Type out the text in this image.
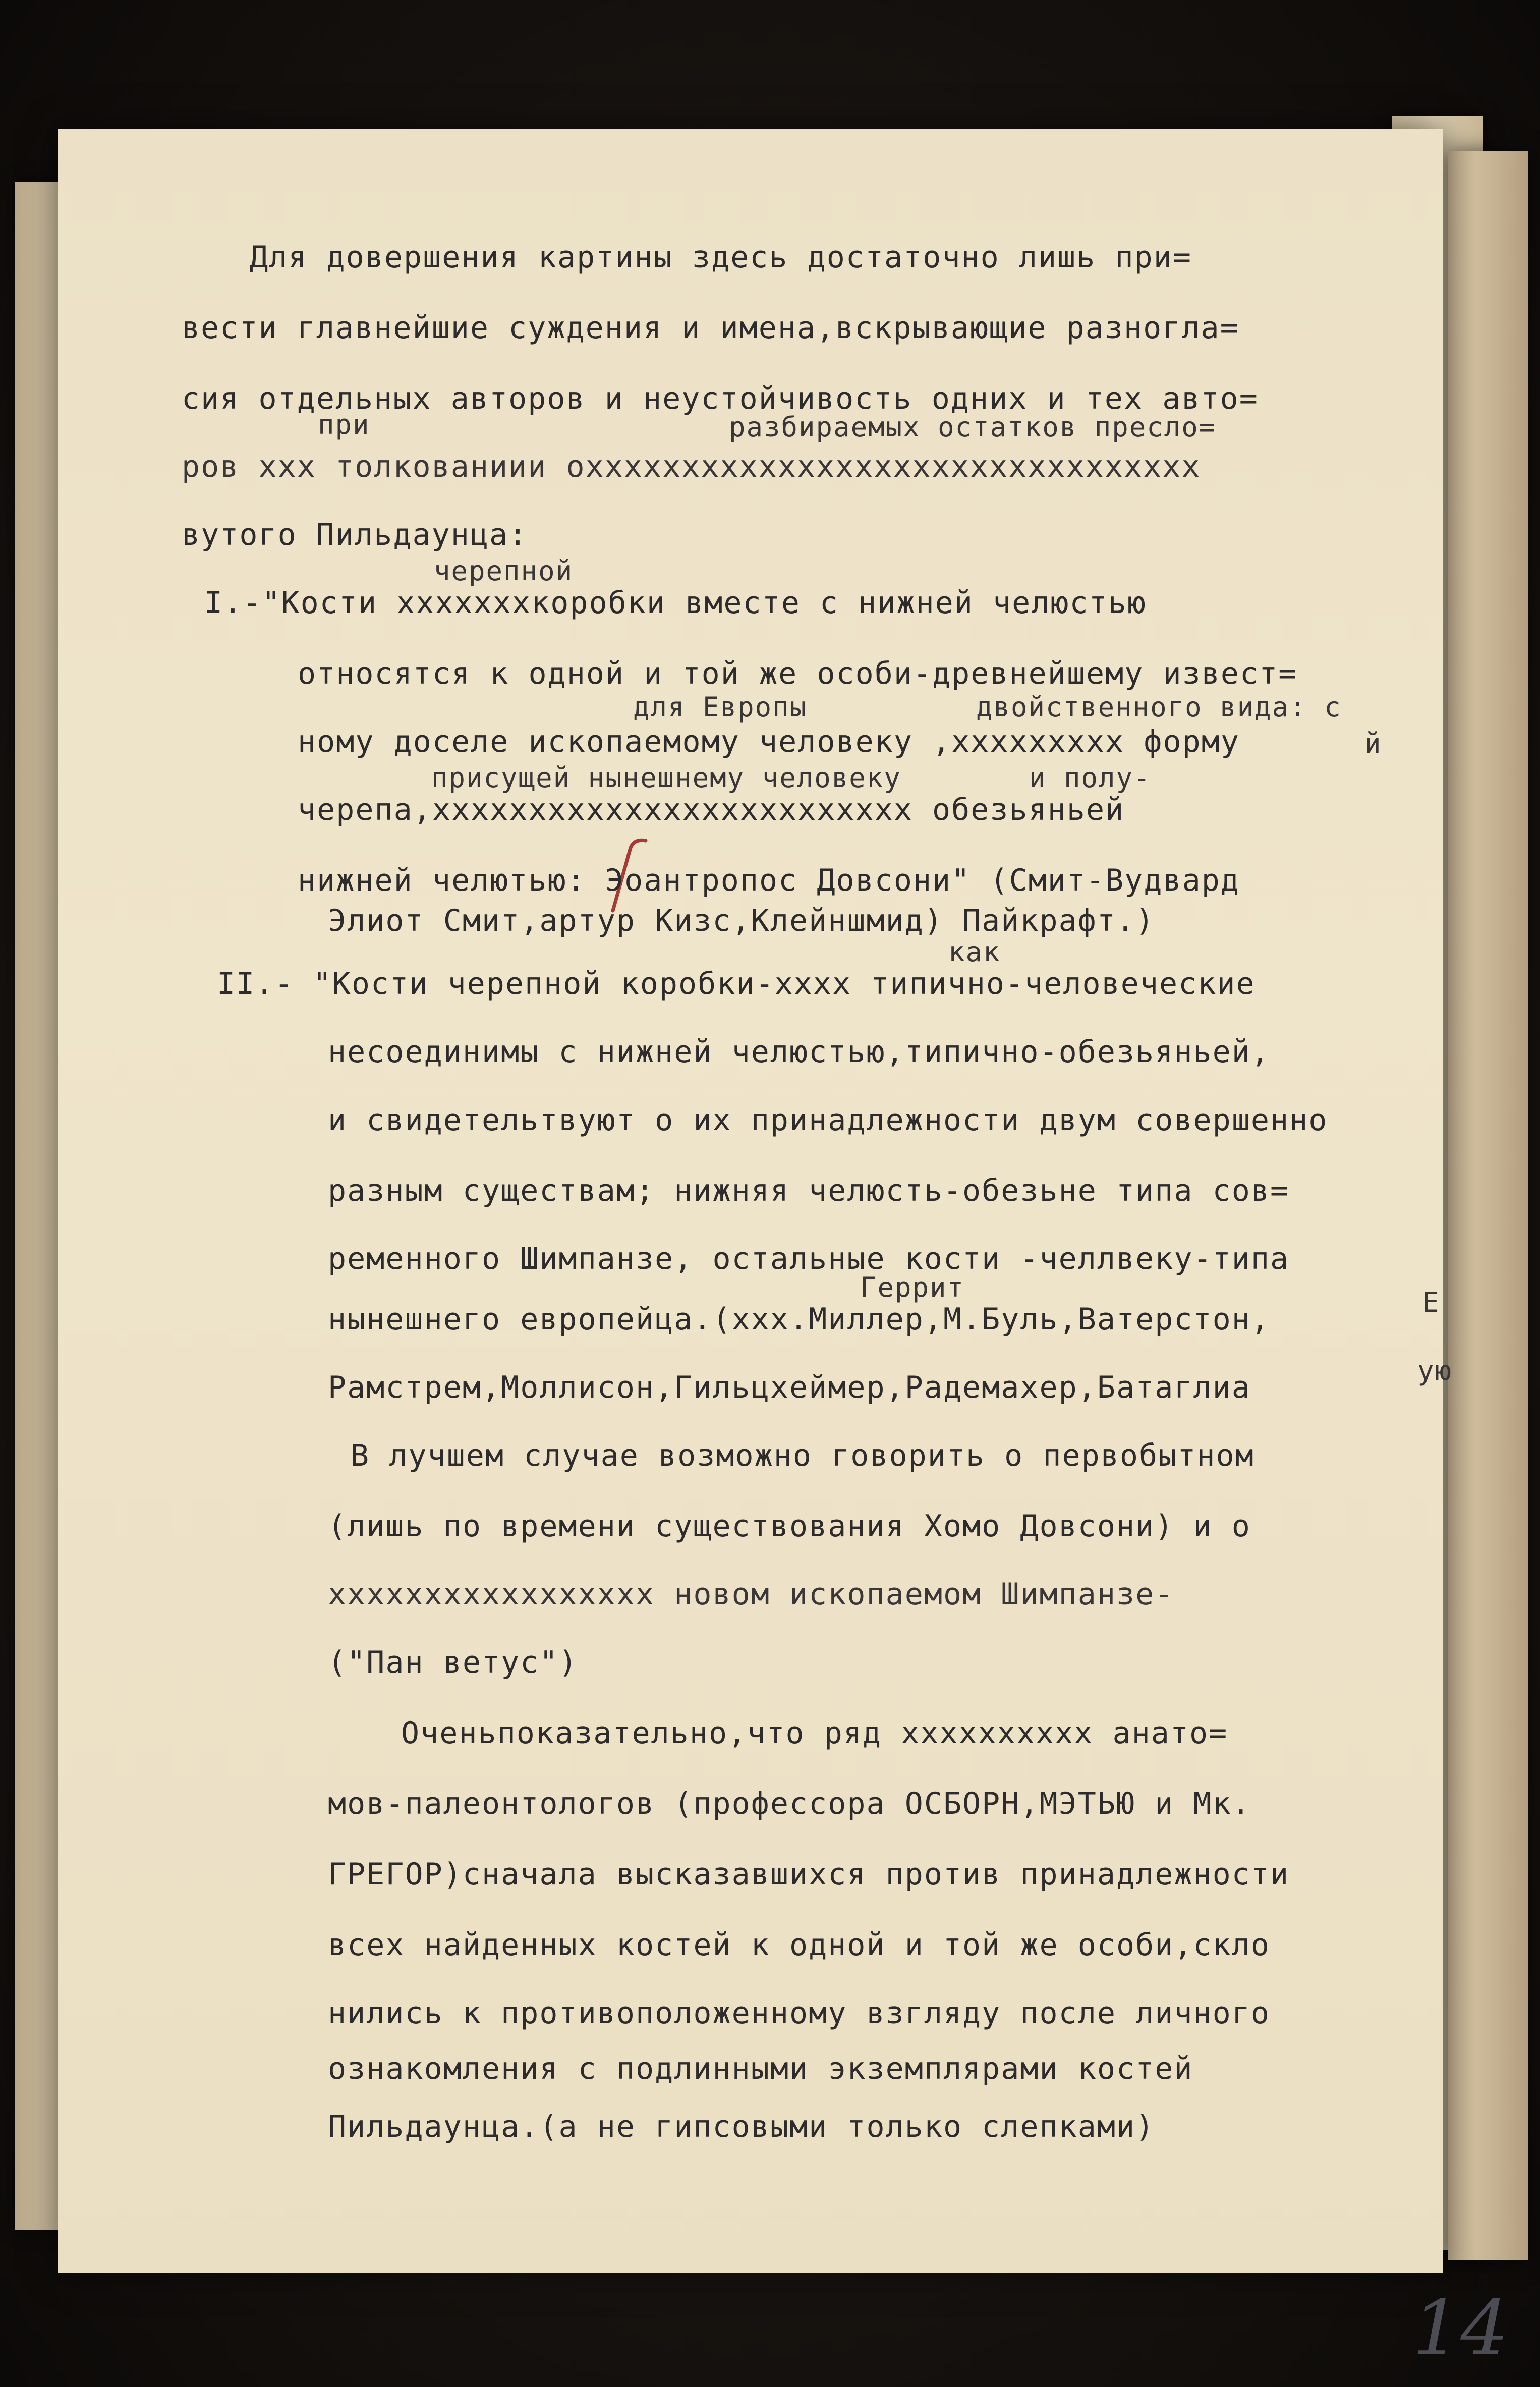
Для довершения картины здесь достаточно лишь при=
вести главнейшие суждения и имена,вскрывающие разногла=
сия отдельных авторов и неустойчивость одних и тех авто=
при	разбираемых остатков преслo=
ров ххх толкованиии охххххххххххххххххххххххххххххххх
вутого Пильдаунца:
черепной
I.-"Кости хххххххкоробки вместе с нижней челюстью
относятся к одной и той же особи-древнейшему извест=
для Европы	двойственного вида: с
ному доселе ископаемому человеку ,ххххххххх форму	й
присущей нынешнему человеку	и полу-
черепа,ххххххххххххххххххххххххх обезьяньей
нижней челютью: Эоантропос Довсони" (Смит-Вудвард
Элиот Смит,артур Кизс,Клейншмид) Пайкрафт.)
как
II.- "Кости черепной коробки-хххх типично-человеческие
несоединимы с нижней челюстью,типично-обезьяньей,
и свидетельтвуют о их принадлежности двум совершенно
разным существам; нижняя челюсть-обезьне типа сов=
ременного Шимпанзе, остальные кости -челлвеку-типа
Геррит	Е
нынешнего европейца.(ххх.Миллер,М.Буль,Ватерстон,
ую
Рамстрем,Моллисон,Гильцхеймер,Радемахер,Батаглиа
В лучшем случае возможно говорить о первобытном
(лишь по времени существования Хомо Довсони) и о
ххххххххххххххххх новом ископаемом Шимпанзе-
("Пан ветус")
Оченьпоказательно,что ряд хххххххххх анато=
мов-палеонтологов (профессора ОСБОРН,МЭТЬЮ и Мк.
ГРЕГОР)сначала высказавшихся против принадлежности
всех найденных костей к одной и той же особи,скло
нились к противоположенному взгляду после личного
ознакомления с подлинными экземплярами костей
Пильдаунца.(а не гипсовыми только слепками)
14
